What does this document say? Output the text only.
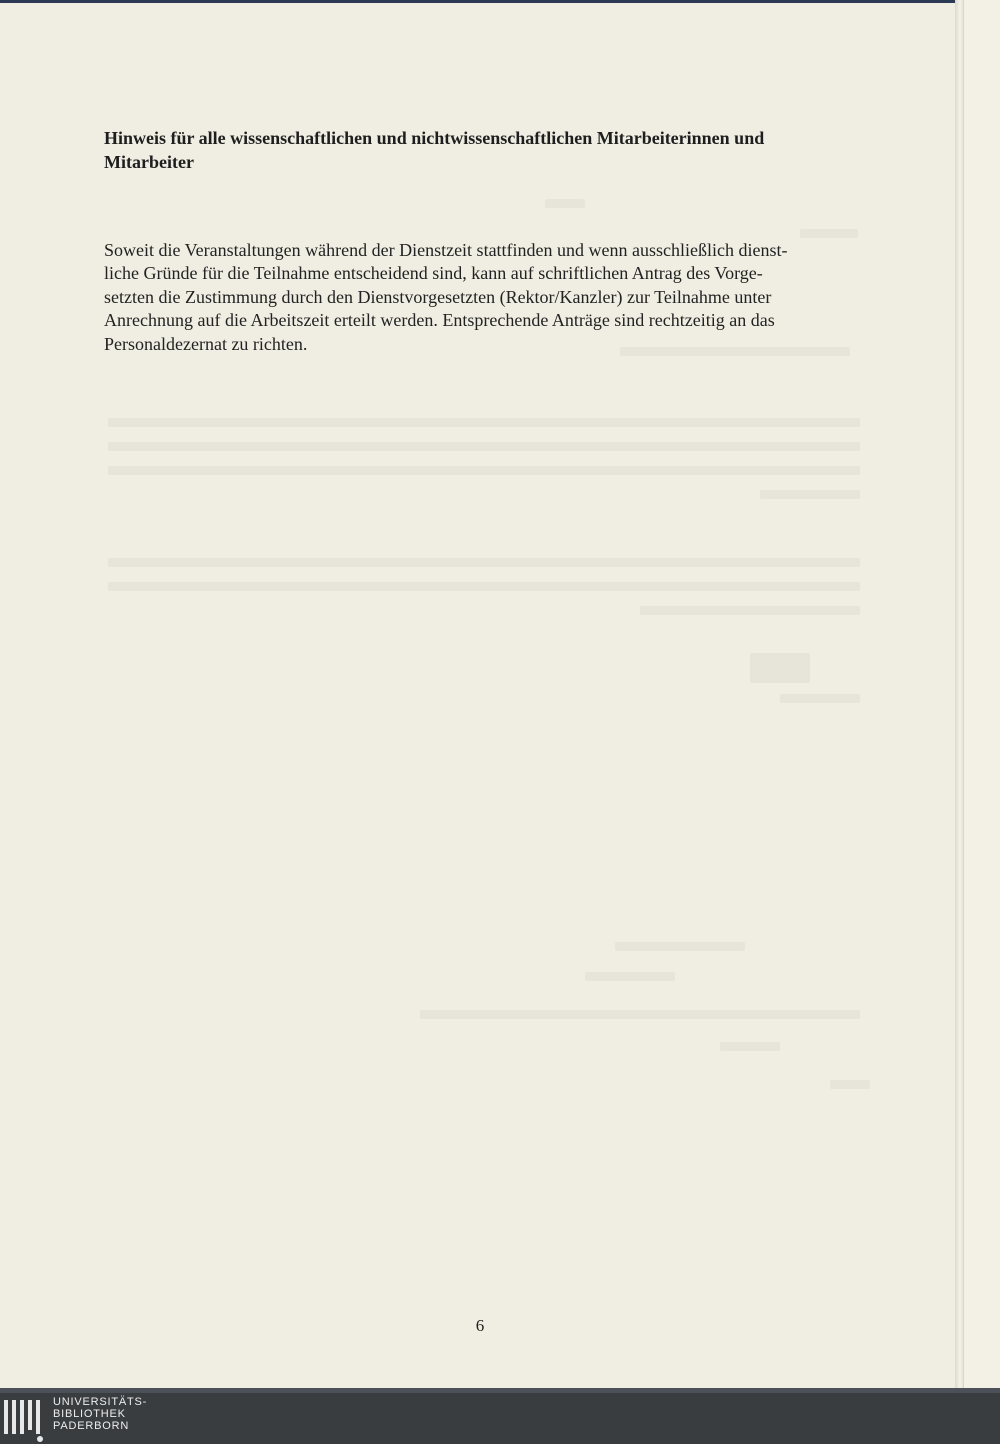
Hinweis für alle wissenschaftlichen und nichtwissenschaftlichen Mitarbeiterinnen und
Mitarbeiter

Soweit die Veranstaltungen während der Dienstzeit stattfinden und wenn ausschließlich dienst-
liche Gründe für die Teilnahme entscheidend sind, kann auf schriftlichen Antrag des Vorge-
setzten die Zustimmung durch den Dienstvorgesetzten (Rektor/Kanzler) zur Teilnahme unter
Anrechnung auf die Arbeitszeit erteilt werden. Entsprechende Anträge sind rechtzeitig an das
Personaldezernat zu richten.

6
UNIVERSITÄTS-
BIBLIOTHEK
PADERBORN
